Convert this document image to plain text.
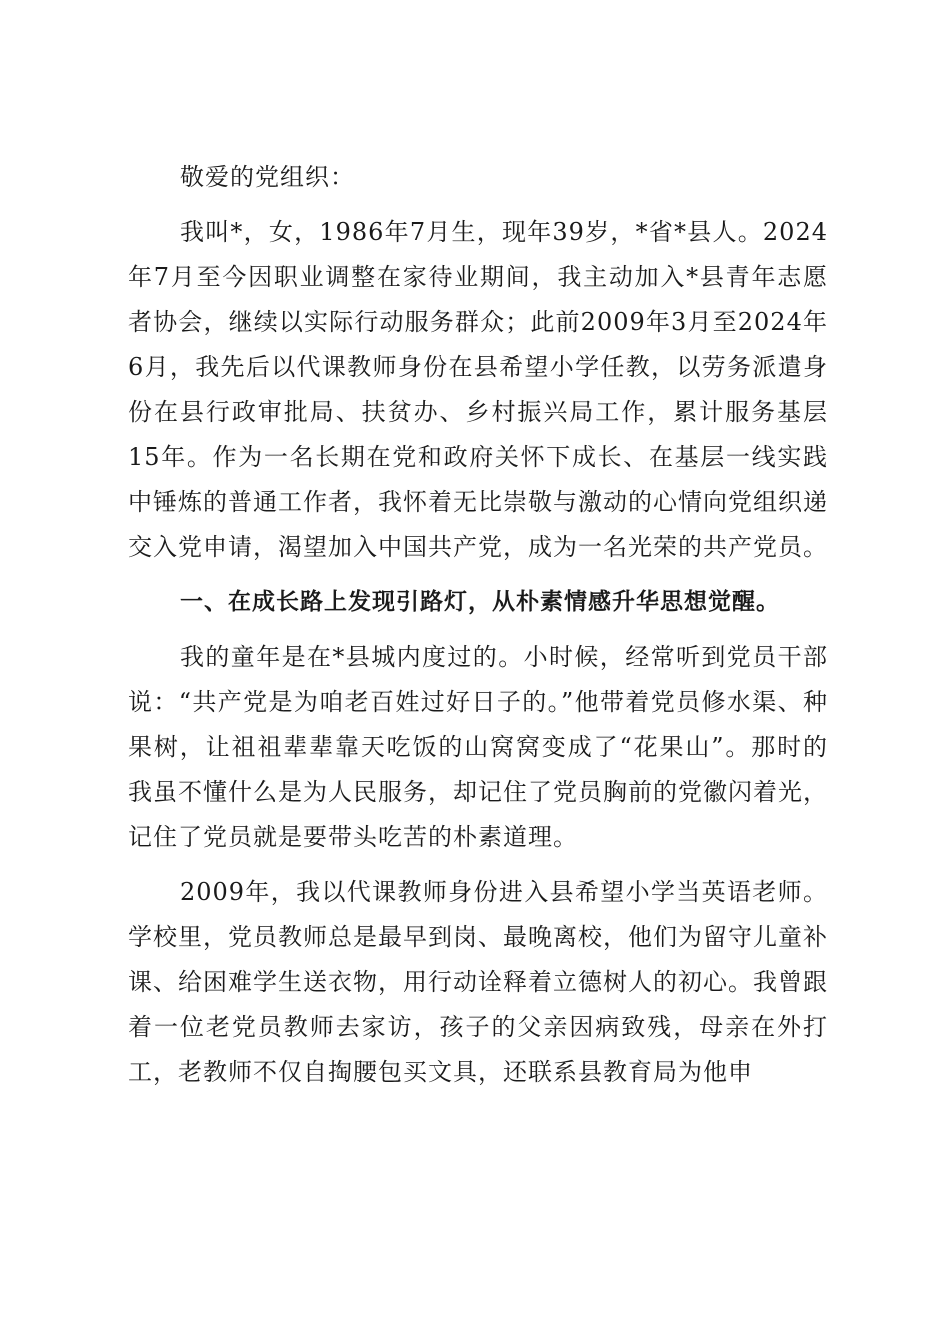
敬爱的党组织：

我叫*，女，1986年7月生，现年39岁，*省*县人。2024年7月至今因职业调整在家待业期间，我主动加入*县青年志愿者协会，继续以实际行动服务群众；此前2009年3月至2024年6月，我先后以代课教师身份在县希望小学任教，以劳务派遣身份在县行政审批局、扶贫办、乡村振兴局工作，累计服务基层15年。作为一名长期在党和政府关怀下成长、在基层一线实践中锤炼的普通工作者，我怀着无比崇敬与激动的心情向党组织递交入党申请，渴望加入中国共产党，成为一名光荣的共产党员。

一、在成长路上发现引路灯，从朴素情感升华思想觉醒。

我的童年是在*县城内度过的。小时候，经常听到党员干部说：“共产党是为咱老百姓过好日子的。”他带着党员修水渠、种果树，让祖祖辈辈靠天吃饭的山窝窝变成了“花果山”。那时的我虽不懂什么是为人民服务，却记住了党员胸前的党徽闪着光，记住了党员就是要带头吃苦的朴素道理。

2009年，我以代课教师身份进入县希望小学当英语老师。学校里，党员教师总是最早到岗、最晚离校，他们为留守儿童补课、给困难学生送衣物，用行动诠释着立德树人的初心。我曾跟着一位老党员教师去家访，孩子的父亲因病致残，母亲在外打工，老教师不仅自掏腰包买文具，还联系县教育局为他申
